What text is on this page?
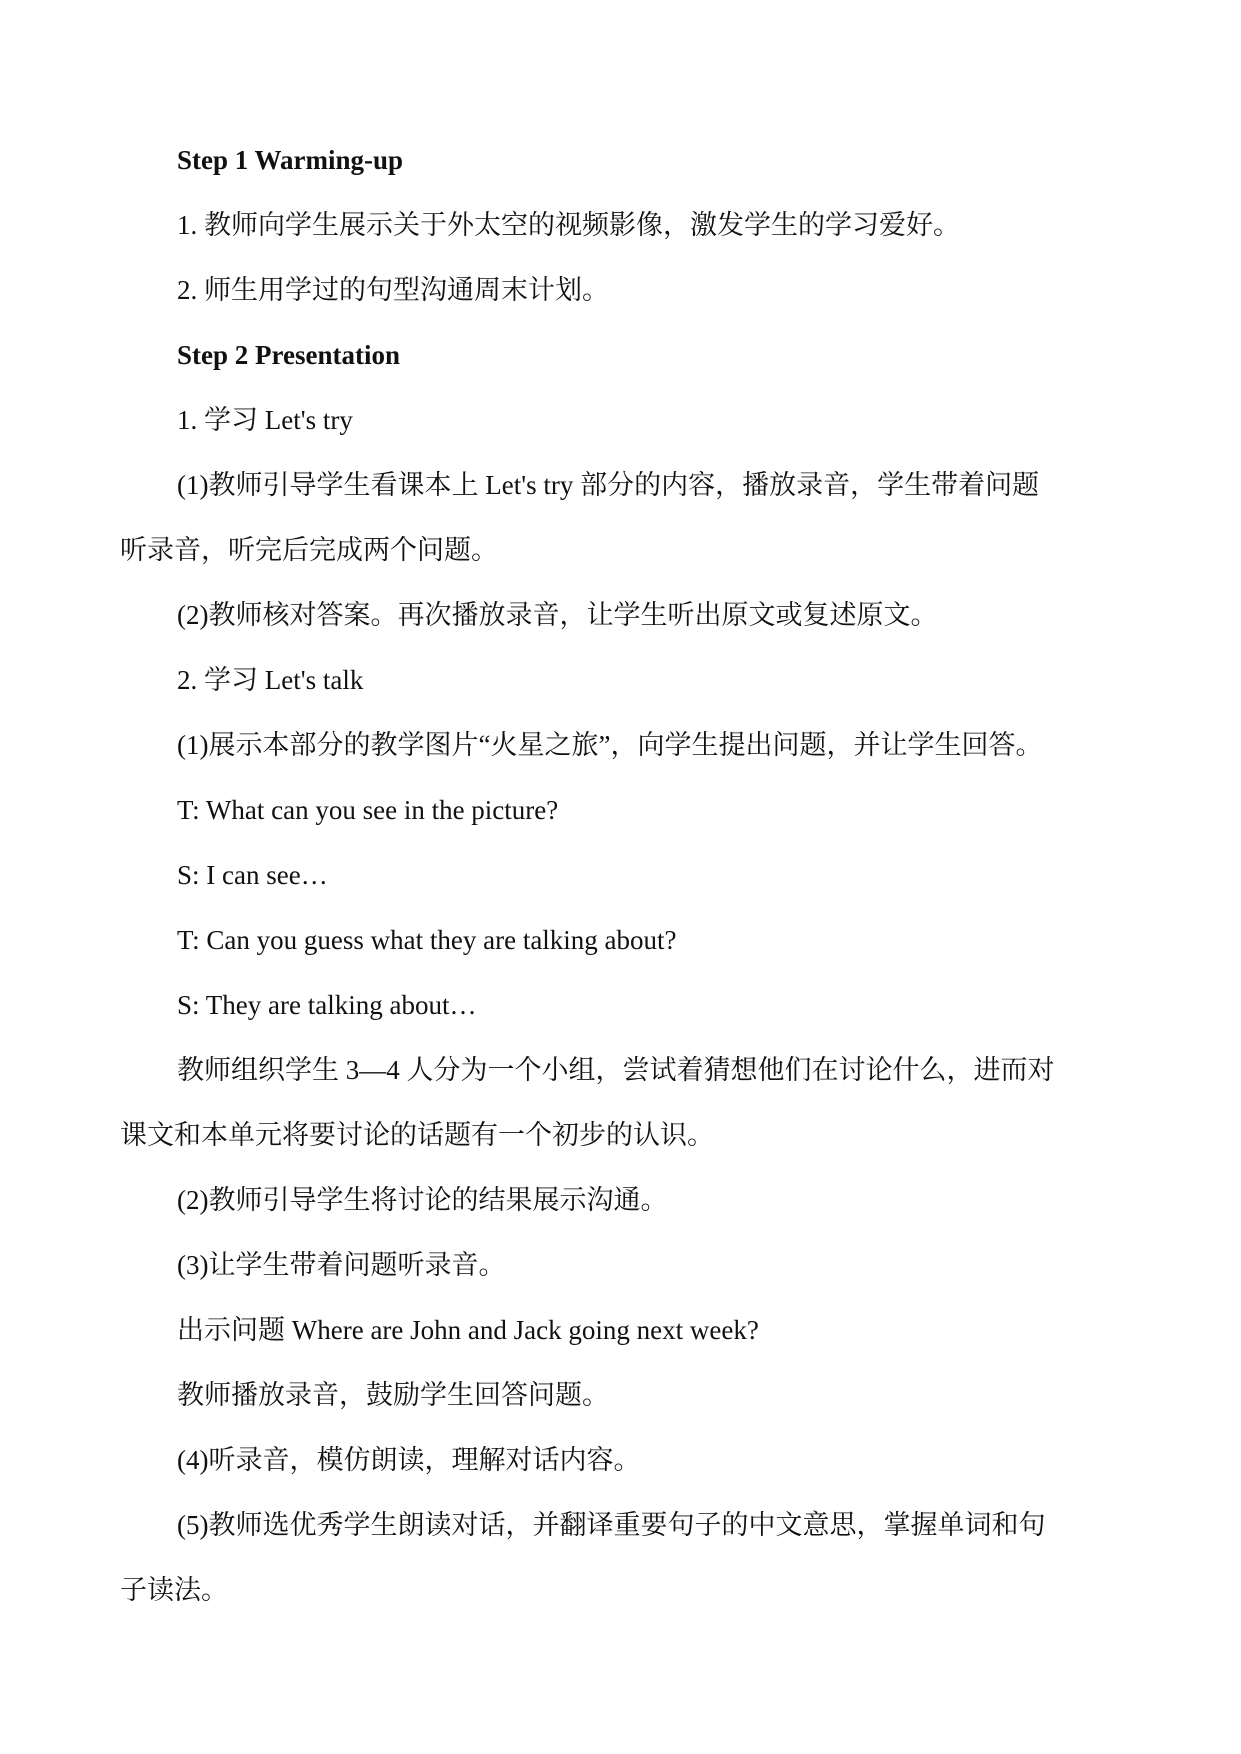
Step 1 Warming-up

1. 教师向学生展示关于外太空的视频影像，激发学生的学习爱好。

2. 师生用学过的句型沟通周末计划。

Step 2 Presentation

1. 学习 Let's try

(1)教师引导学生看课本上 Let's try 部分的内容，播放录音，学生带着问题

听录音，听完后完成两个问题。

(2)教师核对答案。再次播放录音，让学生听出原文或复述原文。

2. 学习 Let's talk

(1)展示本部分的教学图片“火星之旅”，向学生提出问题，并让学生回答。

T: What can you see in the picture?

S: I can see…

T: Can you guess what they are talking about?

S: They are talking about…

教师组织学生 3—4 人分为一个小组，尝试着猜想他们在讨论什么，进而对

课文和本单元将要讨论的话题有一个初步的认识。

(2)教师引导学生将讨论的结果展示沟通。

(3)让学生带着问题听录音。

出示问题 Where are John and Jack going next week?

教师播放录音，鼓励学生回答问题。

(4)听录音，模仿朗读，理解对话内容。

(5)教师选优秀学生朗读对话，并翻译重要句子的中文意思，掌握单词和句

子读法。
